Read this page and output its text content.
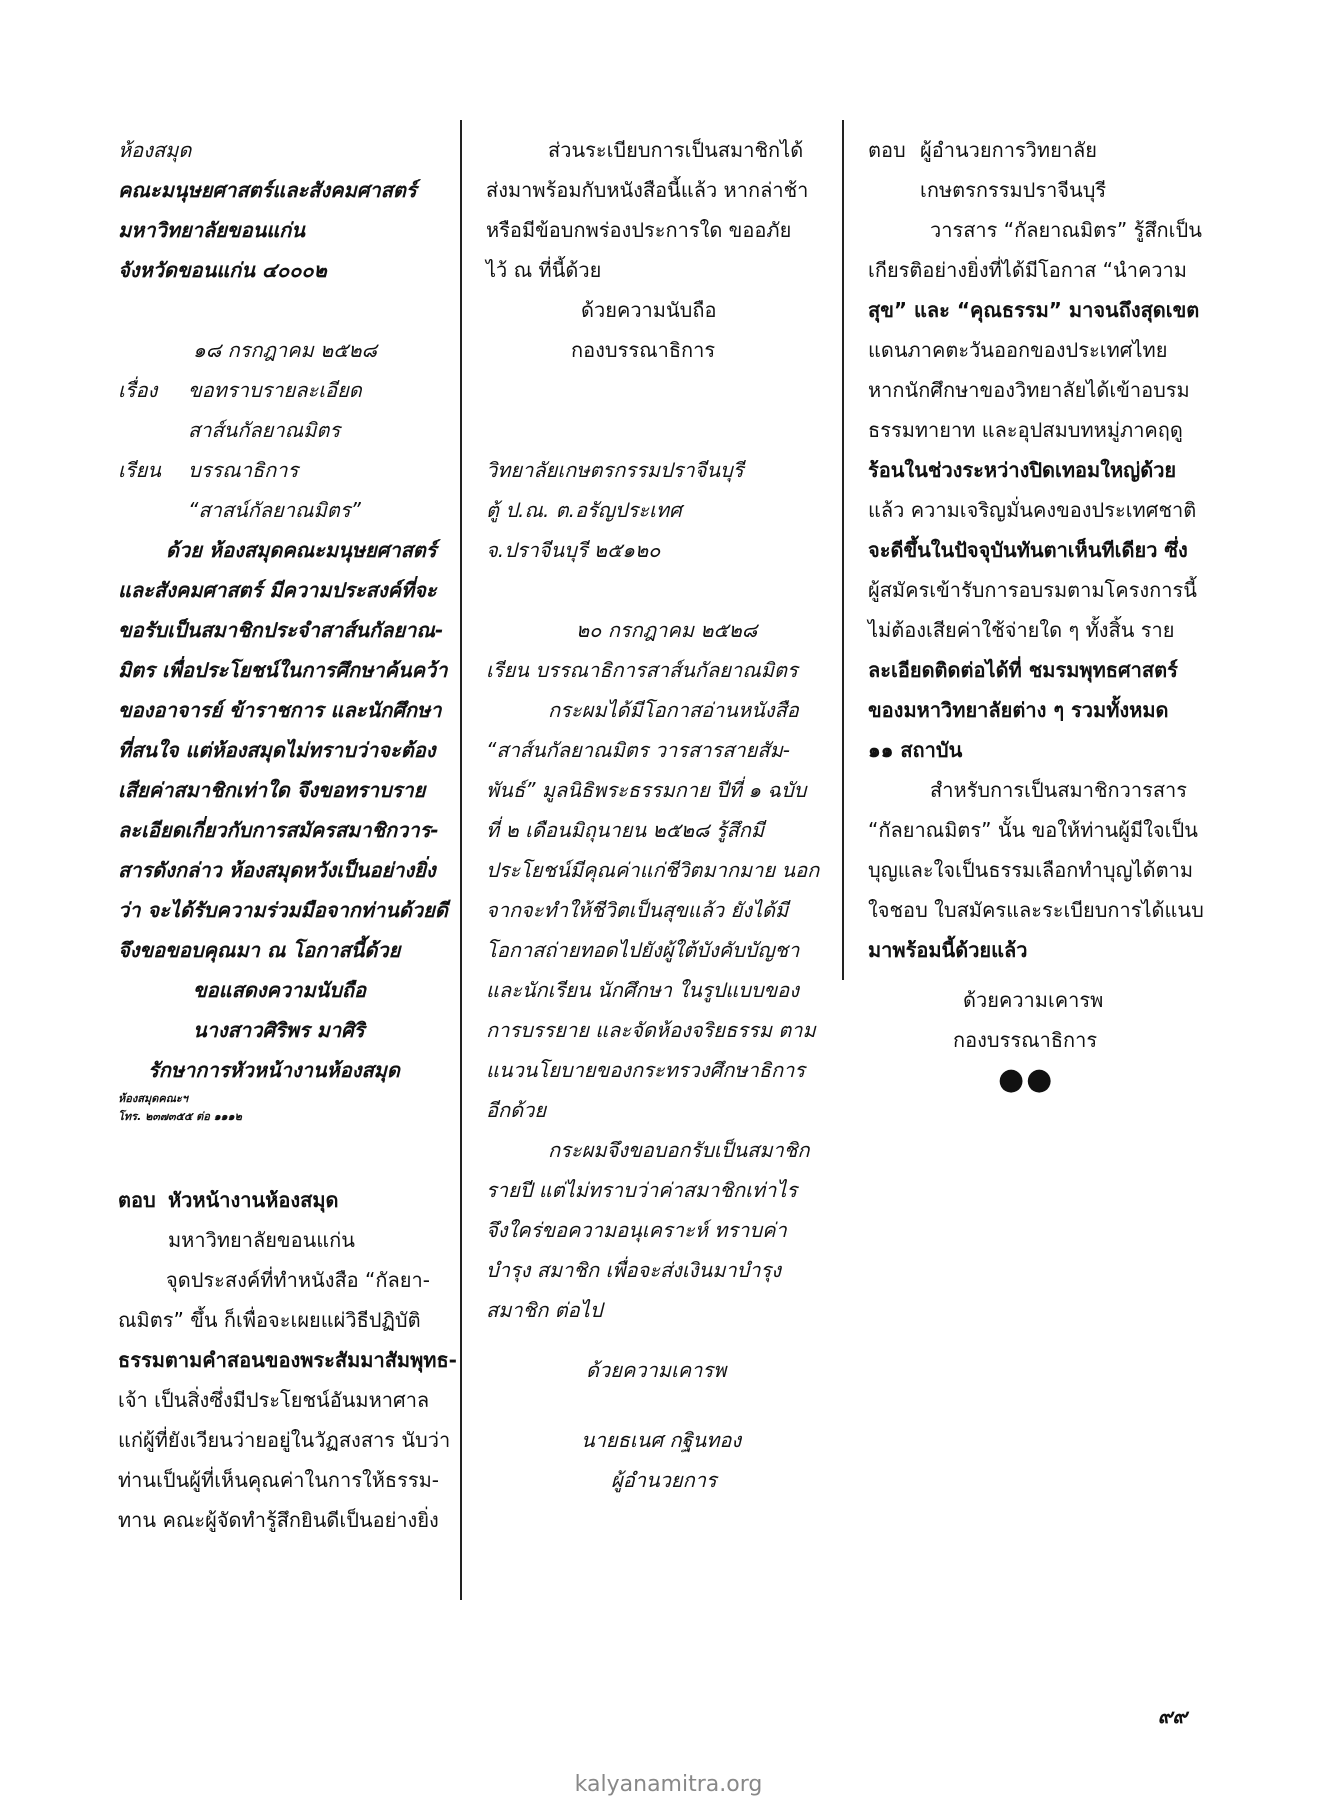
ห้องสมุด
คณะมนุษยศาสตร์และสังคมศาสตร์
มหาวิทยาลัยขอนแก่น
จังหวัดขอนแก่น ๔๐๐๐๒
๑๘ กรกฎาคม ๒๕๒๘
เรื่อง ขอทราบรายละเอียด
สาส์นกัลยาณมิตร
เรียน บรรณาธิการ
“สาสน์กัลยาณมิตร”
ด้วย ห้องสมุดคณะมนุษยศาสตร์
และสังคมศาสตร์ มีความประสงค์ที่จะ
ขอรับเป็นสมาชิกประจำสาส์นกัลยาณ-
มิตร เพื่อประโยชน์ในการศึกษาค้นคว้า
ของอาจารย์ ข้าราชการ และนักศึกษา
ที่สนใจ แต่ห้องสมุดไม่ทราบว่าจะต้อง
เสียค่าสมาชิกเท่าใด จึงขอทราบราย
ละเอียดเกี่ยวกับการสมัครสมาชิกวาร-
สารดังกล่าว ห้องสมุดหวังเป็นอย่างยิ่ง
ว่า จะได้รับความร่วมมือจากท่านด้วยดี
จึงขอขอบคุณมา ณ โอกาสนี้ด้วย
ขอแสดงความนับถือ
นางสาวศิริพร มาศิริ
รักษาการหัวหน้างานห้องสมุด
ห้องสมุดคณะฯ
โทร. ๒๓๗๓๕๕ ต่อ ๑๑๑๒
ตอบ หัวหน้างานห้องสมุด
มหาวิทยาลัยขอนแก่น
จุดประสงค์ที่ทำหนังสือ “กัลยา-
ณมิตร” ขึ้น ก็เพื่อจะเผยแผ่วิธีปฏิบัติ
ธรรมตามคำสอนของพระสัมมาสัมพุทธ-
เจ้า เป็นสิ่งซึ่งมีประโยชน์อันมหาศาล
แก่ผู้ที่ยังเวียนว่ายอยู่ในวัฏสงสาร นับว่า
ท่านเป็นผู้ที่เห็นคุณค่าในการให้ธรรม-
ทาน คณะผู้จัดทำรู้สึกยินดีเป็นอย่างยิ่ง
ส่วนระเบียบการเป็นสมาชิกได้
ส่งมาพร้อมกับหนังสือนี้แล้ว หากล่าช้า
หรือมีข้อบกพร่องประการใด ขออภัย
ไว้ ณ ที่นี้ด้วย
ด้วยความนับถือ
กองบรรณาธิการ
วิทยาลัยเกษตรกรรมปราจีนบุรี
ตู้ ป.ณ. ต.อรัญประเทศ
จ.ปราจีนบุรี ๒๕๑๒๐
๒๐ กรกฎาคม ๒๕๒๘
เรียน บรรณาธิการสาส์นกัลยาณมิตร
กระผมได้มีโอกาสอ่านหนังสือ
“สาส์นกัลยาณมิตร วารสารสายสัม-
พันธ์” มูลนิธิพระธรรมกาย ปีที่ ๑ ฉบับ
ที่ ๒ เดือนมิถุนายน ๒๕๒๘ รู้สึกมี
ประโยชน์มีคุณค่าแก่ชีวิตมากมาย นอก
จากจะทำให้ชีวิตเป็นสุขแล้ว ยังได้มี
โอกาสถ่ายทอดไปยังผู้ใต้บังคับบัญชา
และนักเรียน นักศึกษา ในรูปแบบของ
การบรรยาย และจัดห้องจริยธรรม ตาม
แนวนโยบายของกระทรวงศึกษาธิการ
อีกด้วย
กระผมจึงขอบอกรับเป็นสมาชิก
รายปี แต่ไม่ทราบว่าค่าสมาชิกเท่าไร
จึงใคร่ขอความอนุเคราะห์ ทราบค่า
บำรุง สมาชิก เพื่อจะส่งเงินมาบำรุง
สมาชิก ต่อไป
ด้วยความเคารพ
นายธเนศ กฐินทอง
ผู้อำนวยการ
ตอบ ผู้อำนวยการวิทยาลัย
เกษตรกรรมปราจีนบุรี
วารสาร “กัลยาณมิตร” รู้สึกเป็น
เกียรติอย่างยิ่งที่ได้มีโอกาส “นำความ
สุข” และ “คุณธรรม” มาจนถึงสุดเขต
แดนภาคตะวันออกของประเทศไทย
หากนักศึกษาของวิทยาลัยได้เข้าอบรม
ธรรมทายาท และอุปสมบทหมู่ภาคฤดู
ร้อนในช่วงระหว่างปิดเทอมใหญ่ด้วย
แล้ว ความเจริญมั่นคงของประเทศชาติ
จะดีขึ้นในปัจจุบันทันตาเห็นทีเดียว ซึ่ง
ผู้สมัครเข้ารับการอบรมตามโครงการนี้
ไม่ต้องเสียค่าใช้จ่ายใด ๆ ทั้งสิ้น ราย
ละเอียดติดต่อได้ที่ ชมรมพุทธศาสตร์
ของมหาวิทยาลัยต่าง ๆ รวมทั้งหมด
๑๑ สถาบัน
สำหรับการเป็นสมาชิกวารสาร
“กัลยาณมิตร” นั้น ขอให้ท่านผู้มีใจเป็น
บุญและใจเป็นธรรมเลือกทำบุญได้ตาม
ใจชอบ ใบสมัครและระเบียบการได้แนบ
มาพร้อมนี้ด้วยแล้ว
ด้วยความเคารพ
กองบรรณาธิการ
●●
๙๙
kalyanamitra.org
